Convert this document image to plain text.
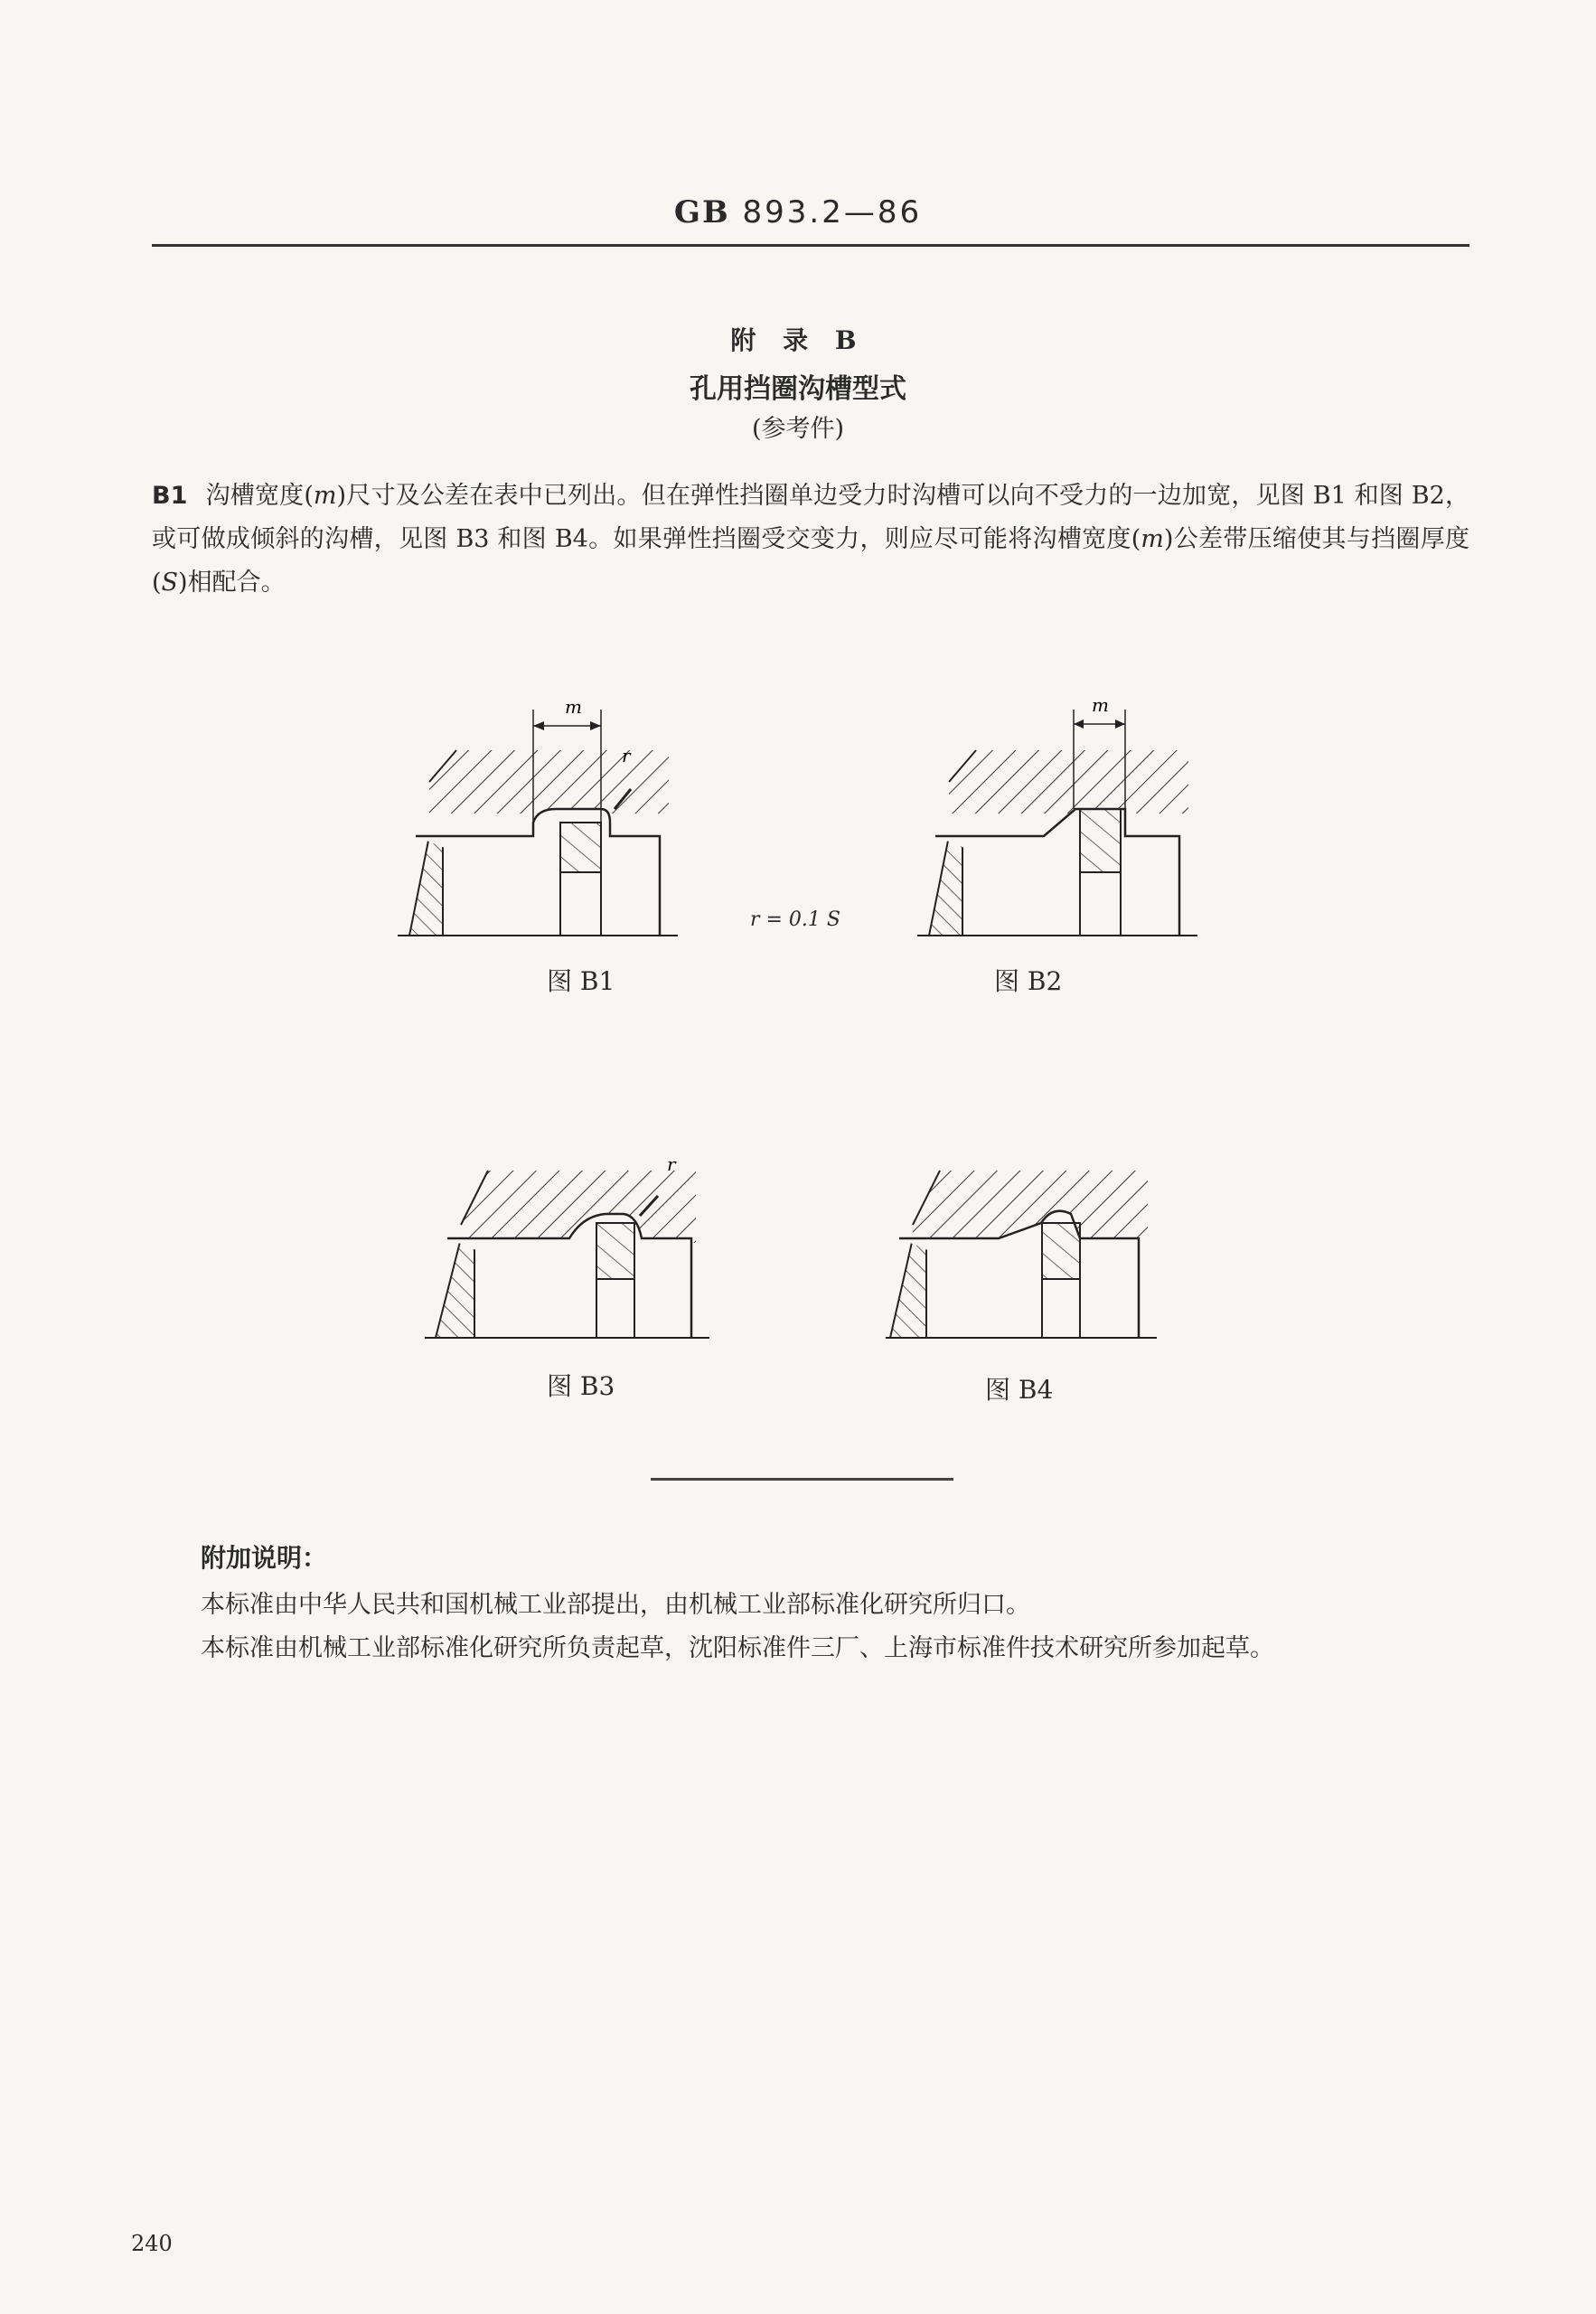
GB 893.2—86
附 录 B
孔用挡圈沟槽型式
(参考件)
B1 沟槽宽度(m)尺寸及公差在表中已列出。但在弹性挡圈单边受力时沟槽可以向不受力的一边加宽，见图 B1 和图 B2，或可做成倾斜的沟槽，见图 B3 和图 B4。如果弹性挡圈受交变力，则应尽可能将沟槽宽度(m)公差带压缩使其与挡圈厚度(S)相配合。
m
r
图 B1
r = 0.1 S
m
图 B2
r
图 B3	图 B4
附加说明：

本标准由中华人民共和国机械工业部提出，由机械工业部标准化研究所归口。

本标准由机械工业部标准化研究所负责起草，沈阳标准件三厂、上海市标准件技术研究所参加起草。

240
